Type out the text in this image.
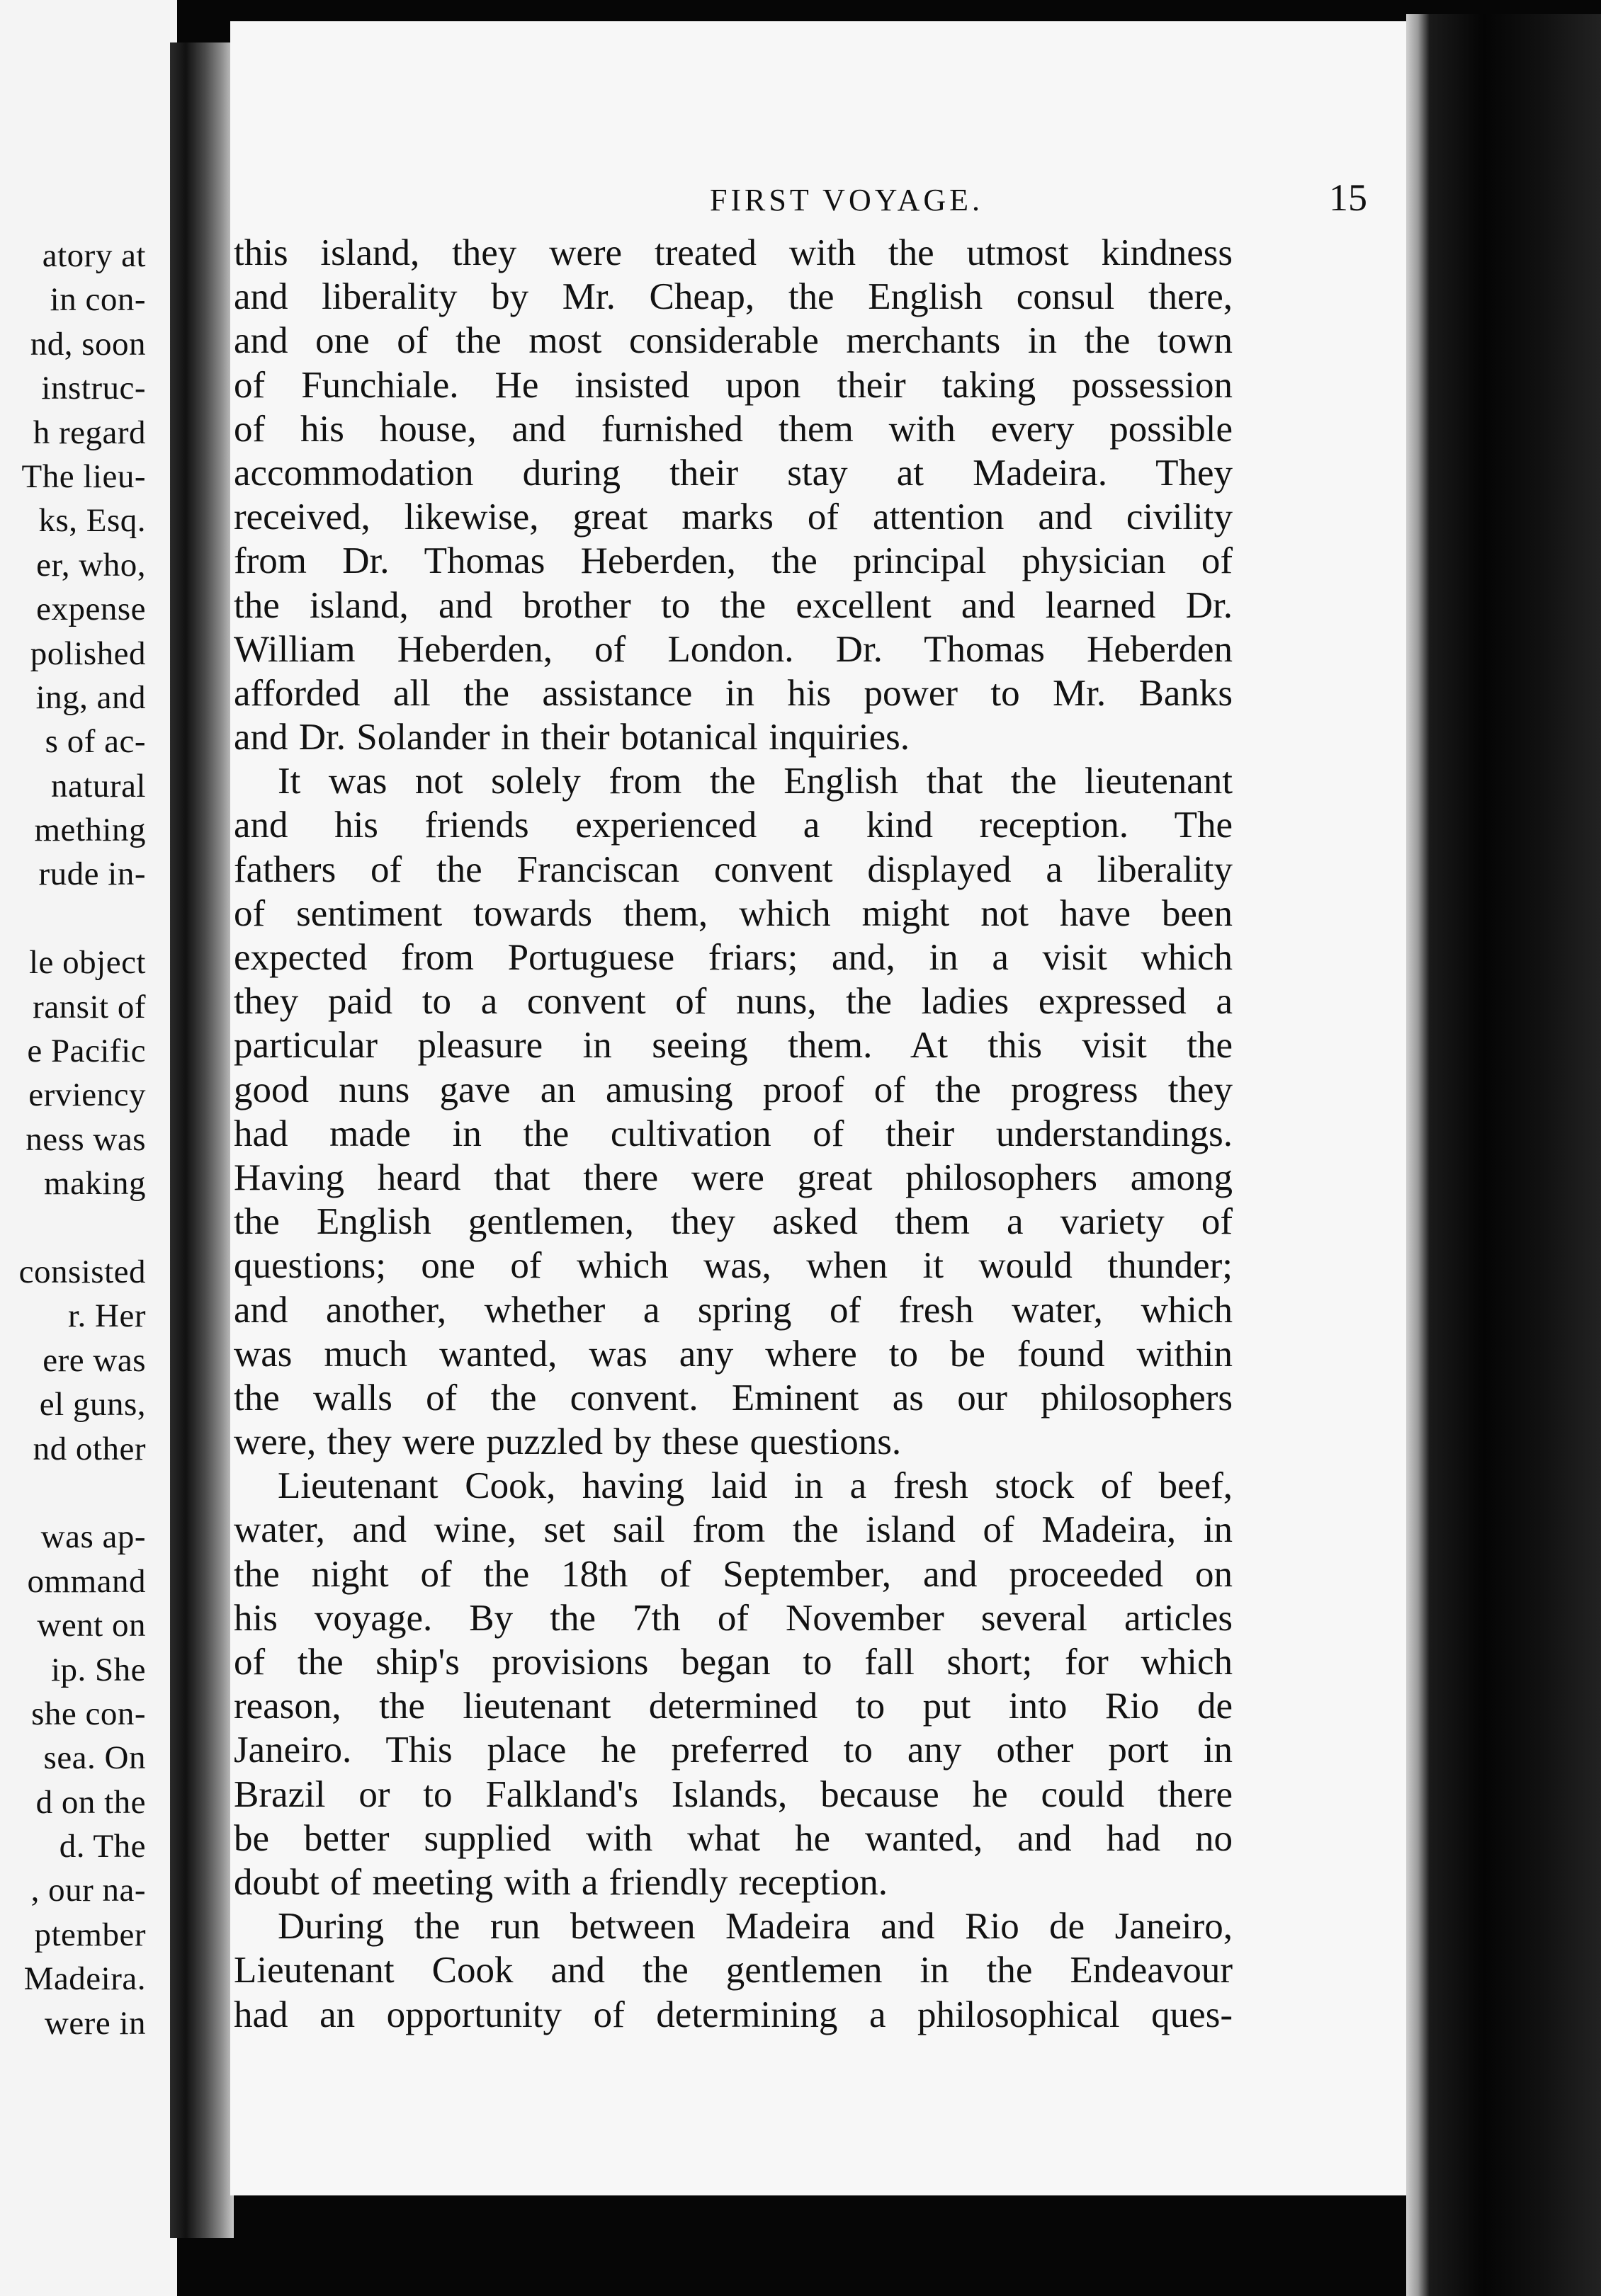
atory at
in con-
nd, soon
instruc-
h regard
The lieu-
ks, Esq.
er, who,
expense
polished
ing, and
s of ac-
natural
mething
rude in-
le object
ransit of
e Pacific
erviency
ness was
making
consisted
r. Her
ere was
el guns,
nd other
was ap-
ommand
went on
ip. She
she con-
sea. On
d on the
d. The
, our na-
ptember
Madeira.
were in
FIRST VOYAGE.	15
this island, they were treated with the utmost kindness
and liberality by Mr. Cheap, the English consul there,
and one of the most considerable merchants in the town
of Funchiale. He insisted upon their taking possession
of his house, and furnished them with every possible
accommodation during their stay at Madeira. They
received, likewise, great marks of attention and civility
from Dr. Thomas Heberden, the principal physician of
the island, and brother to the excellent and learned Dr.
William Heberden, of London. Dr. Thomas Heberden
afforded all the assistance in his power to Mr. Banks
and Dr. Solander in their botanical inquiries.
It was not solely from the English that the lieutenant
and his friends experienced a kind reception. The
fathers of the Franciscan convent displayed a liberality
of sentiment towards them, which might not have been
expected from Portuguese friars; and, in a visit which
they paid to a convent of nuns, the ladies expressed a
particular pleasure in seeing them. At this visit the
good nuns gave an amusing proof of the progress they
had made in the cultivation of their understandings.
Having heard that there were great philosophers among
the English gentlemen, they asked them a variety of
questions; one of which was, when it would thunder;
and another, whether a spring of fresh water, which
was much wanted, was any where to be found within
the walls of the convent. Eminent as our philosophers
were, they were puzzled by these questions.
Lieutenant Cook, having laid in a fresh stock of beef,
water, and wine, set sail from the island of Madeira, in
the night of the 18th of September, and proceeded on
his voyage. By the 7th of November several articles
of the ship's provisions began to fall short; for which
reason, the lieutenant determined to put into Rio de
Janeiro. This place he preferred to any other port in
Brazil or to Falkland's Islands, because he could there
be better supplied with what he wanted, and had no
doubt of meeting with a friendly reception.
During the run between Madeira and Rio de Janeiro,
Lieutenant Cook and the gentlemen in the Endeavour
had an opportunity of determining a philosophical ques-
